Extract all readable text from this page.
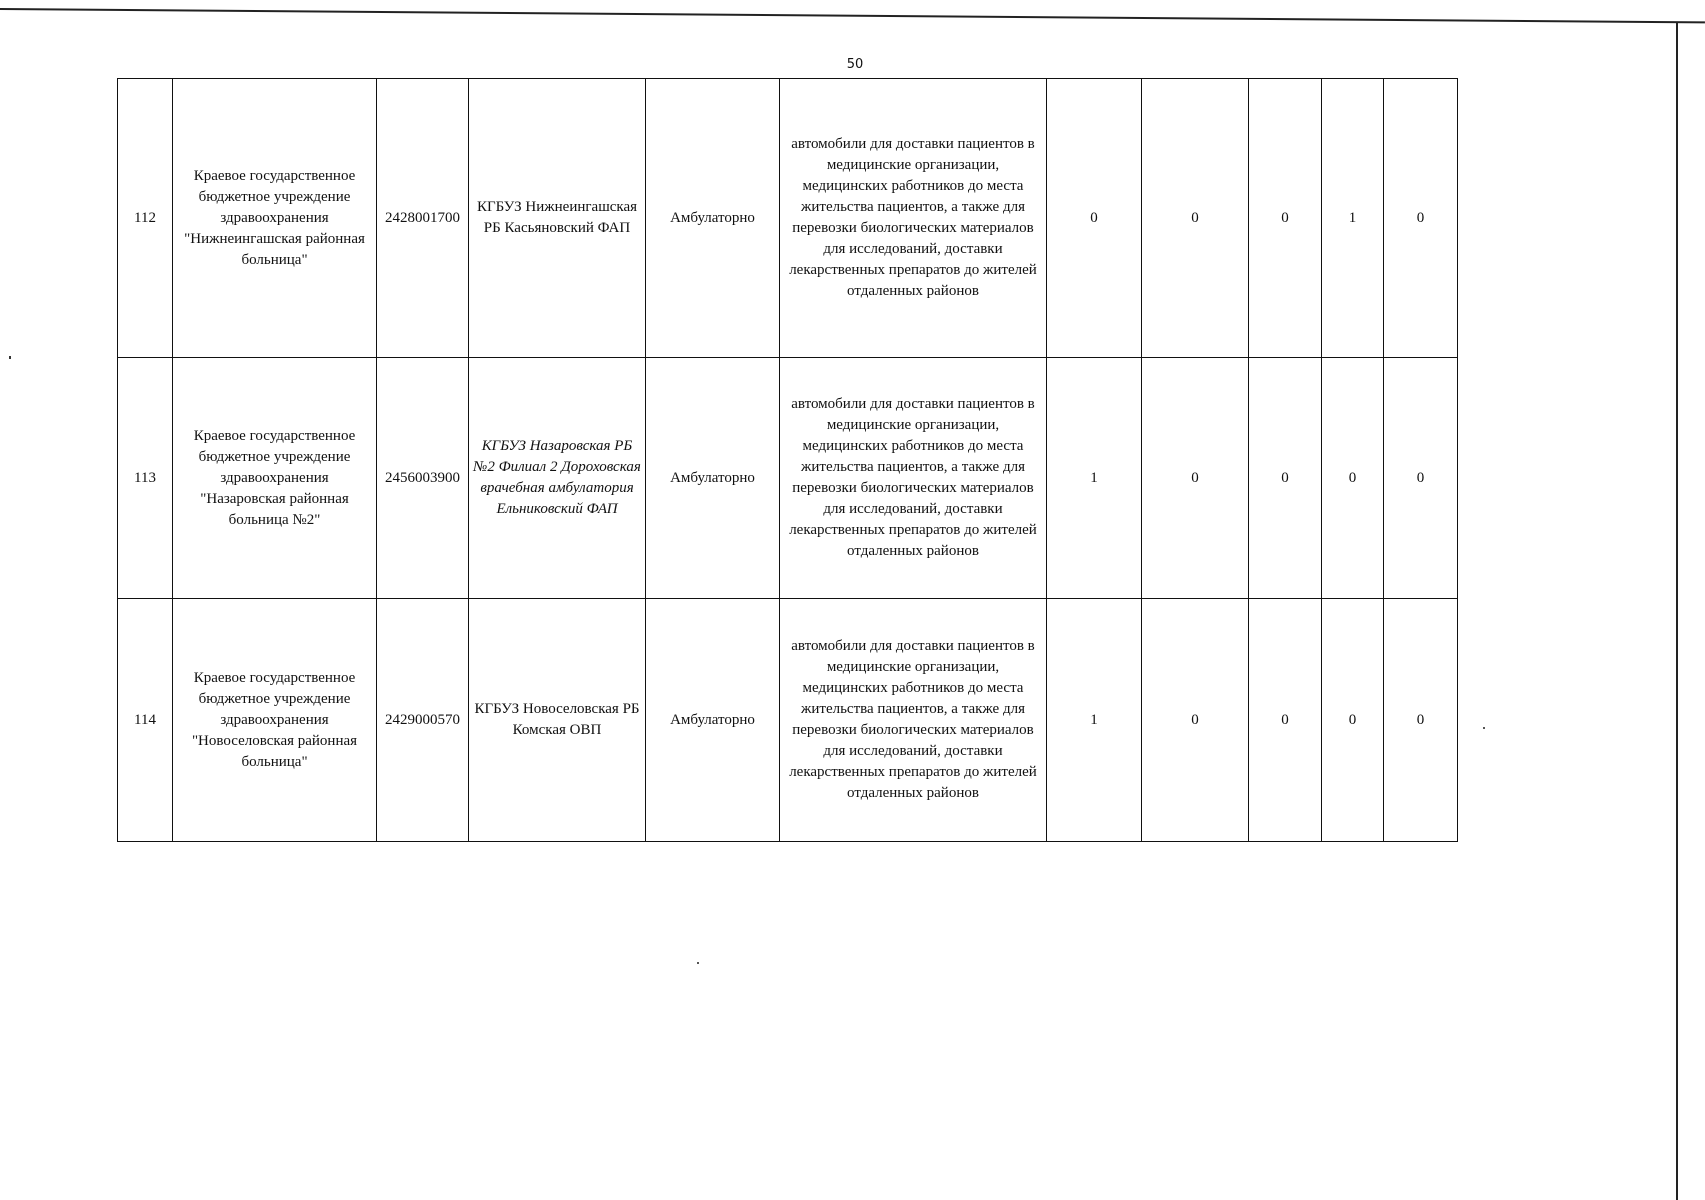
50
112	Краевое государственное бюджетное учреждение здравоохранения "Нижнеингашская районная больница"	2428001700	КГБУЗ Нижнеингашская РБ Касьяновский ФАП	Амбулаторно	автомобили для доставки пациентов в медицинские организации, медицинских работников до места жительства пациентов, а также для перевозки биологических материалов для исследований, доставки лекарственных препаратов до жителей отдаленных районов	0	0	0	1	0
113	Краевое государственное бюджетное учреждение здравоохранения "Назаровская районная больница №2"	2456003900	КГБУЗ Назаровская РБ №2 Филиал 2 Дороховская врачебная амбулатория Ельниковский ФАП	Амбулаторно	автомобили для доставки пациентов в медицинские организации, медицинских работников до места жительства пациентов, а также для перевозки биологических материалов для исследований, доставки лекарственных препаратов до жителей отдаленных районов	1	0	0	0	0
114	Краевое государственное бюджетное учреждение здравоохранения "Новоселовская районная больница"	2429000570	КГБУЗ Новоселовская РБ Комская ОВП	Амбулаторно	автомобили для доставки пациентов в медицинские организации, медицинских работников до места жительства пациентов, а также для перевозки биологических материалов для исследований, доставки лекарственных препаратов до жителей отдаленных районов	1	0	0	0	0
